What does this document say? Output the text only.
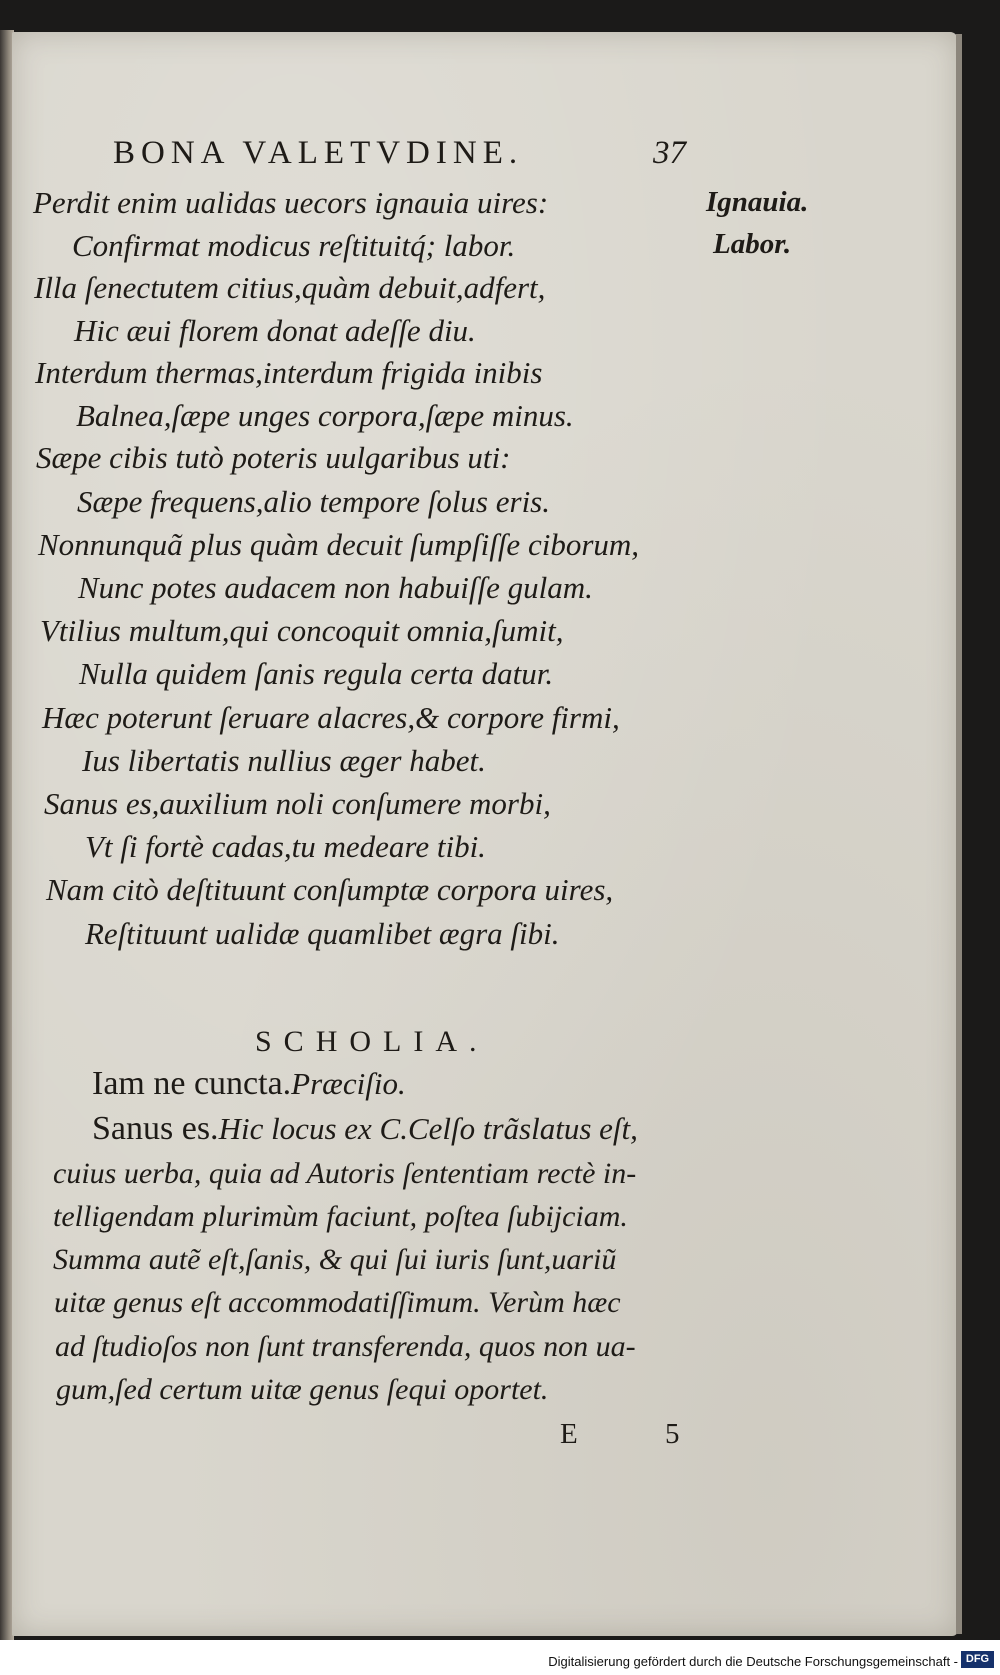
BONA VALETVDINE.	37
Perdit enim ualidas uecors ignauia uires:
Confirmat modicus reſtituitq́; labor.
Illa ſenectutem citius,quàm debuit,adfert,
Hic æui florem donat adeſſe diu.
Interdum thermas,interdum frigida inibis
Balnea,ſæpe unges corpora,ſæpe minus.
Sæpe cibis tutò poteris uulgaribus uti:
Sæpe frequens,alio tempore ſolus eris.
Nonnunquã plus quàm decuit ſumpſiſſe ciborum,
Nunc potes audacem non habuiſſe gulam.
Vtilius multum,qui concoquit omnia,ſumit,
Nulla quidem ſanis regula certa datur.
Hæc poterunt ſeruare alacres,& corpore firmi,
Ius libertatis nullius æger habet.
Sanus es,auxilium noli conſumere morbi,
Vt ſi fortè cadas,tu medeare tibi.
Nam citò deſtituunt conſumptæ corpora uires,
Reſtituunt ualidæ quamlibet ægra ſibi.
Ignauia.
Labor.
SCHOLIA.
Iam ne cuncta.Præciſio.
Sanus es.Hic locus ex C.Celſo trãslatus eſt,
cuius uerba, quia ad Autoris ſententiam rectè in-
telligendam plurimùm faciunt, poſtea ſubijciam.
Summa autẽ eſt,ſanis, & qui ſui iuris ſunt,uariũ
uitæ genus eſt accommodatiſſimum. Verùm hæc
ad ſtudioſos non ſunt transferenda, quos non ua-
gum,ſed certum uitæ genus ſequi oportet.
E 5
Digitalisierung gefördert durch die Deutsche Forschungsgemeinschaft - DFG
